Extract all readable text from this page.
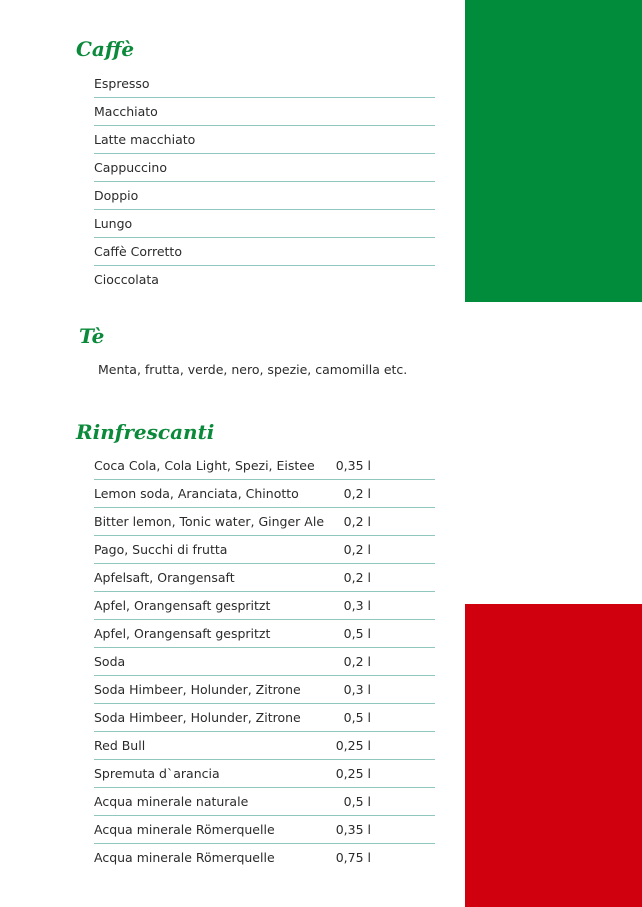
Caffè
Espresso
Macchiato
Latte macchiato
Cappuccino
Doppio
Lungo
Caffè Corretto
Cioccolata
Tè

Menta, frutta, verde, nero, spezie, camomilla etc.

Rinfrescanti
Coca Cola, Cola Light, Spezi, Eistee 0,35 l
Lemon soda, Aranciata, Chinotto	0,2 l
Bitter lemon, Tonic water, Ginger Ale 0,2 l
Pago, Succhi di frutta	0,2 l
Apfelsaft, Orangensaft	0,2 l
Apfel, Orangensaft gespritzt	0,3 l
Apfel, Orangensaft gespritzt	0,5 l
Soda	0,2 l
Soda Himbeer, Holunder, Zitrone	0,3 l
Soda Himbeer, Holunder, Zitrone	0,5 l
Red Bull	0,25 l
Spremuta d`arancia	0,25 l
Acqua minerale naturale	0,5 l
Acqua minerale Römerquelle	0,35 l
Acqua minerale Römerquelle	0,75 l
